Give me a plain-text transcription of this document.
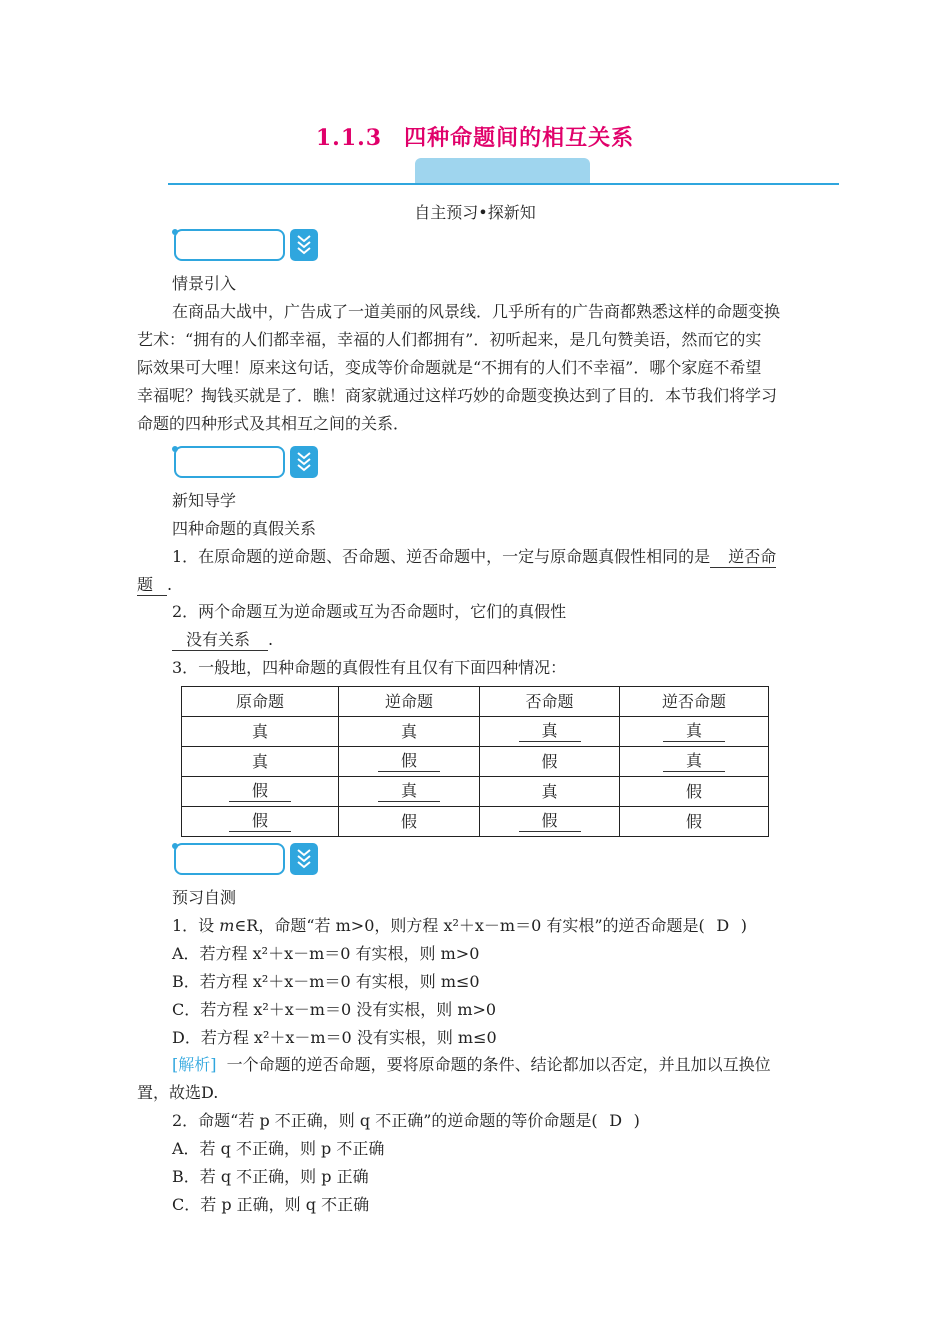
1.1.3 四种命题间的相互关系
自主预习•探新知
情景引入
在商品大战中，广告成了一道美丽的风景线．几乎所有的广告商都熟悉这样的命题变换
艺术：“拥有的人们都幸福，幸福的人们都拥有”．初听起来，是几句赞美语，然而它的实
际效果可大哩！原来这句话，变成等价命题就是“不拥有的人们不幸福”．哪个家庭不希望
幸福呢？掏钱买就是了．瞧！商家就通过这样巧妙的命题变换达到了目的．本节我们将学习
命题的四种形式及其相互之间的关系．
新知导学
四种命题的真假关系
1．在原命题的逆命题、否命题、逆否命题中，一定与原命题真假性相同的是 逆否命
题 .
2．两个命题互为逆命题或互为否命题时，它们的真假性
没有关系 .
3．一般地，四种命题的真假性有且仅有下面四种情况：
原命题	逆命题	否命题	逆否命题
真	真	真	真
真	假	假	真
假	真	真	假
假	假	假	假
预习自测
1．设 m∈R，命题“若 m>0，则方程 x²＋x－m＝0 有实根”的逆否命题是( D )
A．若方程 x²＋x－m＝0 有实根，则 m>0
B．若方程 x²＋x－m＝0 有实根，则 m≤0
C．若方程 x²＋x－m＝0 没有实根，则 m>0
D．若方程 x²＋x－m＝0 没有实根，则 m≤0
[解析] 一个命题的逆否命题，要将原命题的条件、结论都加以否定，并且加以互换位
置，故选D.
2．命题“若 p 不正确，则 q 不正确”的逆命题的等价命题是( D )
A．若 q 不正确，则 p 不正确
B．若 q 不正确，则 p 正确
C．若 p 正确，则 q 不正确
